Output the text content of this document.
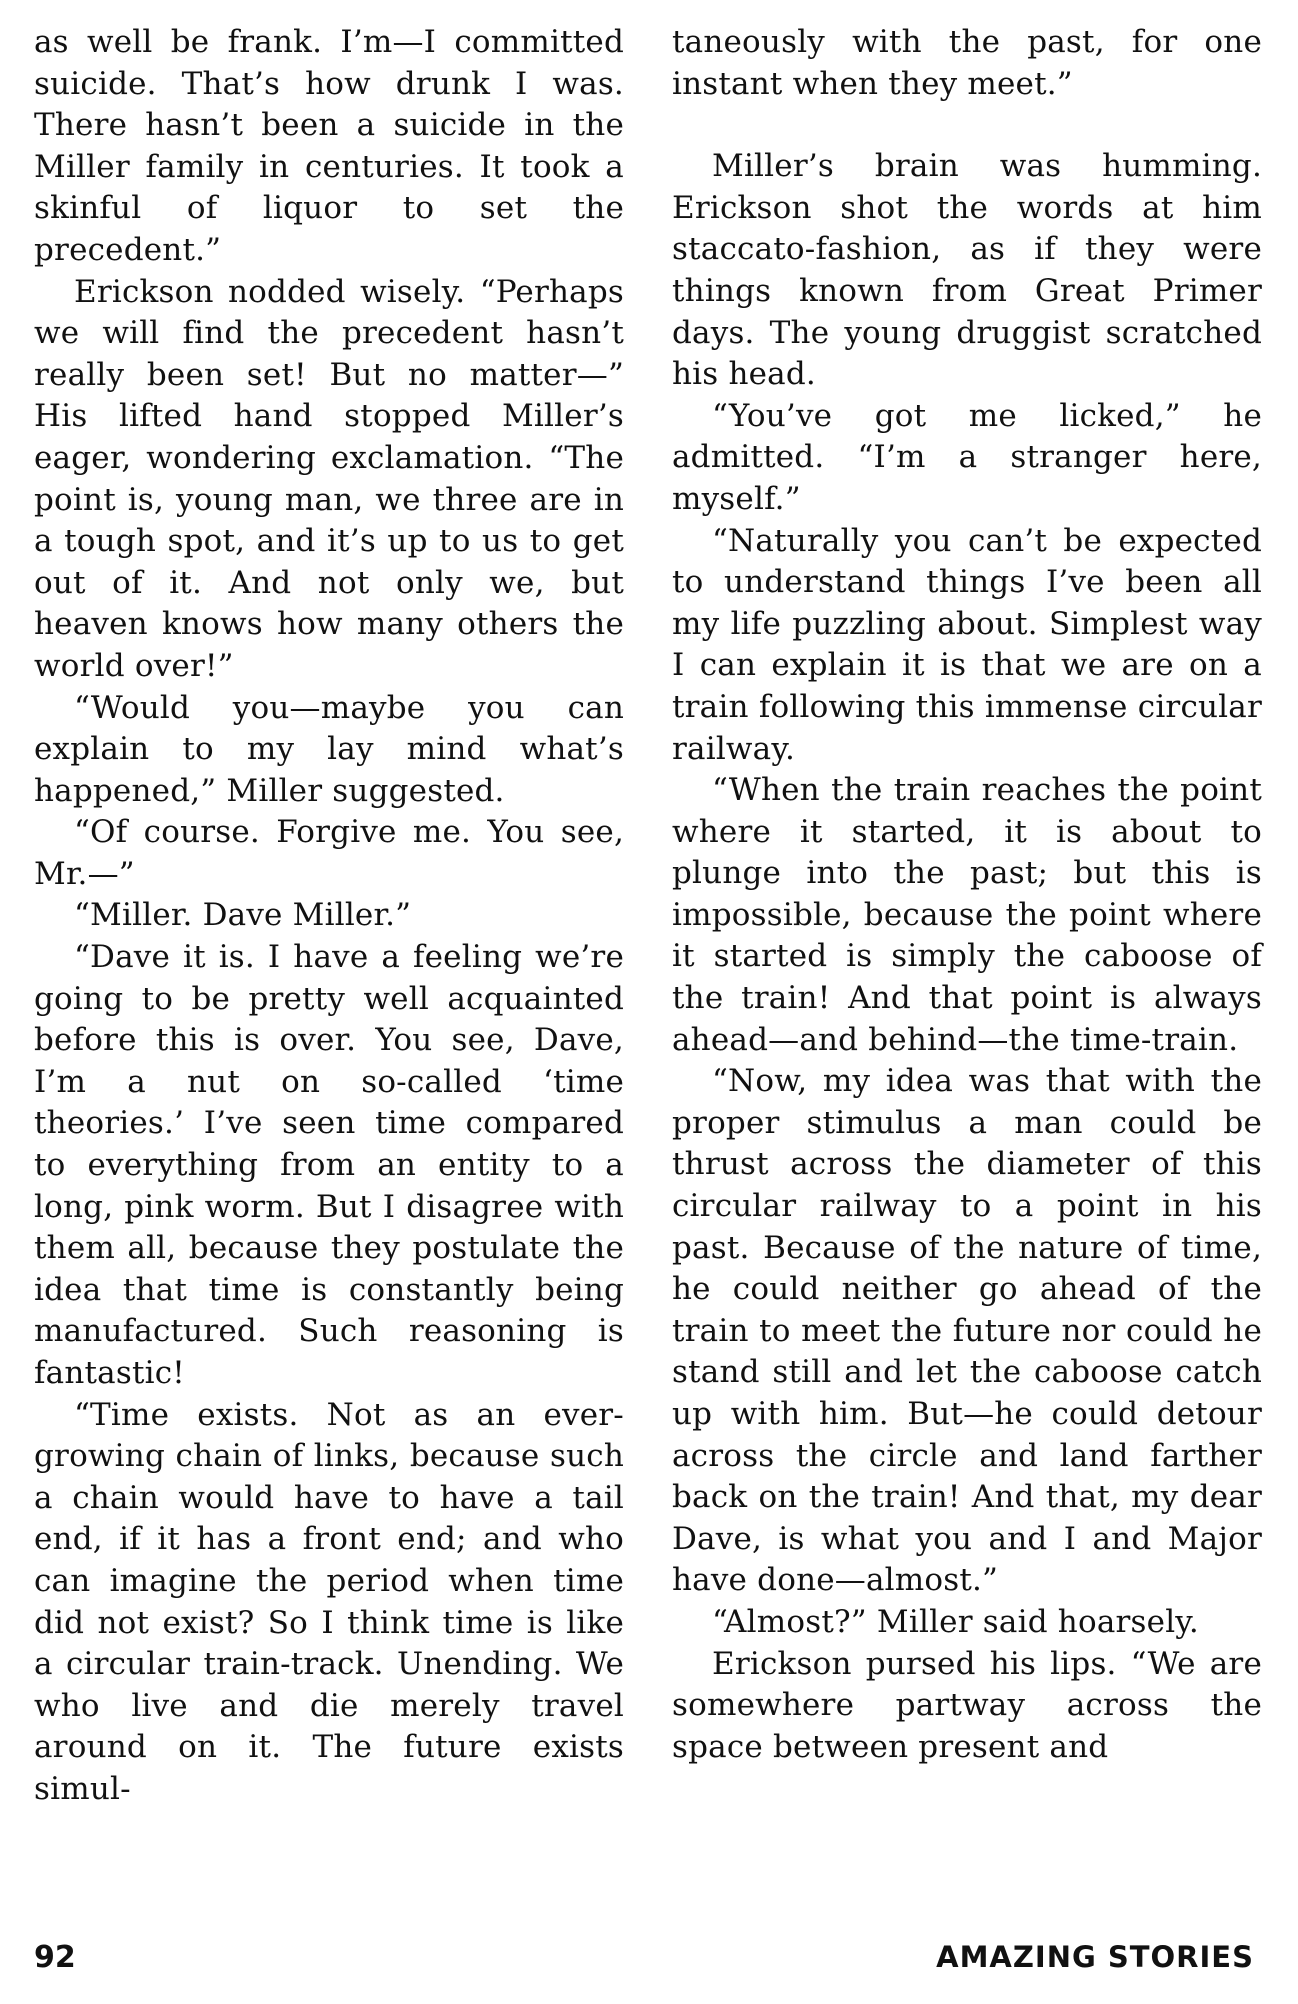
as well be frank. I’m—I committed suicide. That’s how drunk I was. There hasn’t been a suicide in the Miller family in centuries. It took a skinful of liquor to set the precedent.”

Erickson nodded wisely. “Perhaps we will find the precedent hasn’t really been set! But no matter—” His lifted hand stopped Miller’s eager, wondering exclamation. “The point is, young man, we three are in a tough spot, and it’s up to us to get out of it. And not only we, but heaven knows how many others the world over!”

“Would you—maybe you can explain to my lay mind what’s happened,” Miller suggested.

“Of course. Forgive me. You see, Mr.—”

“Miller. Dave Miller.”

“Dave it is. I have a feeling we’re going to be pretty well acquainted before this is over. You see, Dave, I’m a nut on so-called ‘time theories.’ I’ve seen time compared to everything from an entity to a long, pink worm. But I disagree with them all, because they postulate the idea that time is constantly being manufactured. Such reasoning is fantastic!

“Time exists. Not as an ever-growing chain of links, because such a chain would have to have a tail end, if it has a front end; and who can imagine the period when time did not exist? So I think time is like a circular train-track. Unending. We who live and die merely travel around on it. The future exists simul-

taneously with the past, for one instant when they meet.”

Miller’s brain was humming. Erickson shot the words at him staccato-fashion, as if they were things known from Great Primer days. The young druggist scratched his head.

“You’ve got me licked,” he admitted. “I’m a stranger here, myself.”

“Naturally you can’t be expected to understand things I’ve been all my life puzzling about. Simplest way I can explain it is that we are on a train following this immense circular railway.

“When the train reaches the point where it started, it is about to plunge into the past; but this is impossible, because the point where it started is simply the caboose of the train! And that point is always ahead—and behind—the time-train.

“Now, my idea was that with the proper stimulus a man could be thrust across the diameter of this circular railway to a point in his past. Because of the nature of time, he could neither go ahead of the train to meet the future nor could he stand still and let the caboose catch up with him. But—he could detour across the circle and land farther back on the train! And that, my dear Dave, is what you and I and Major have done—almost.”

“Almost?” Miller said hoarsely.

Erickson pursed his lips. “We are somewhere partway across the space between present and

92	AMAZING STORIES
